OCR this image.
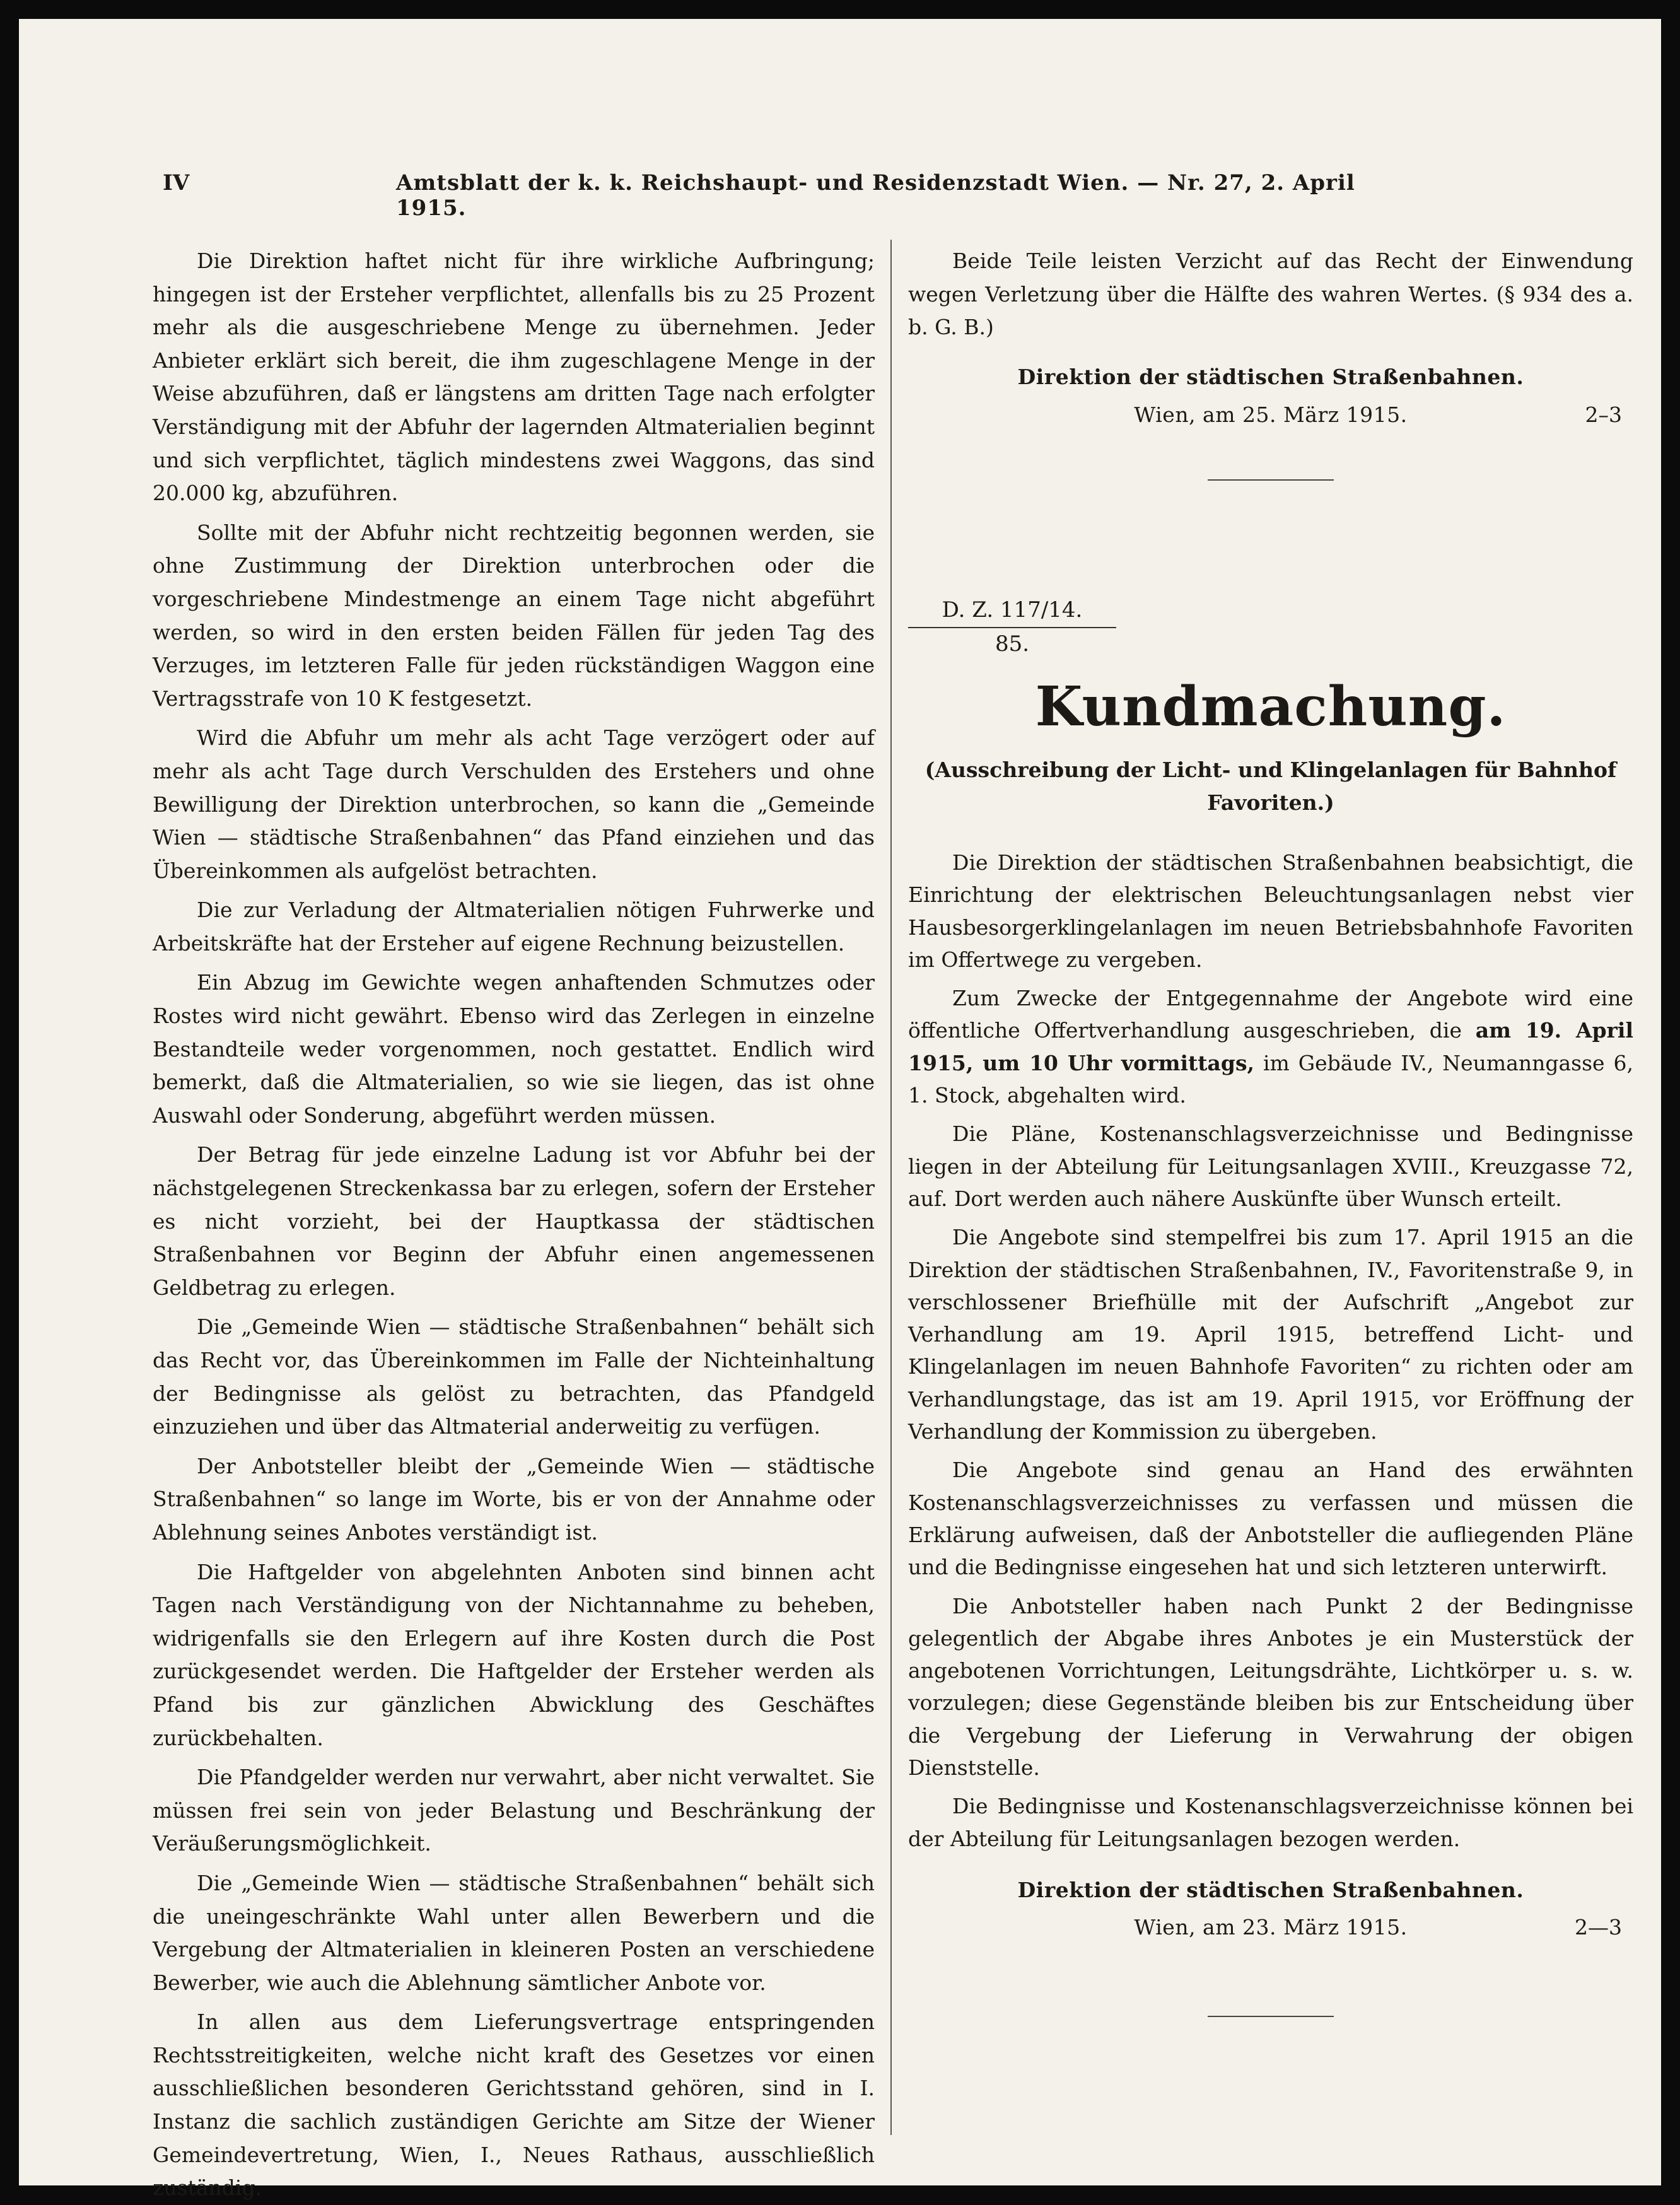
IV	Amtsblatt der k. k. Reichshaupt- und Residenzstadt Wien. — Nr. 27, 2. April 1915.

Die Direktion haftet nicht für ihre wirkliche Aufbringung; hingegen ist der Ersteher verpflichtet, allenfalls bis zu 25 Prozent mehr als die ausgeschriebene Menge zu übernehmen. Jeder Anbieter erklärt sich bereit, die ihm zugeschlagene Menge in der Weise abzuführen, daß er längstens am dritten Tage nach erfolgter Verständigung mit der Abfuhr der lagernden Altmaterialien beginnt und sich verpflichtet, täglich mindestens zwei Waggons, das sind 20.000 kg, abzuführen.

Sollte mit der Abfuhr nicht rechtzeitig begonnen werden, sie ohne Zustimmung der Direktion unterbrochen oder die vorgeschriebene Mindestmenge an einem Tage nicht abgeführt werden, so wird in den ersten beiden Fällen für jeden Tag des Verzuges, im letzteren Falle für jeden rückständigen Waggon eine Vertragsstrafe von 10 K festgesetzt.

Wird die Abfuhr um mehr als acht Tage verzögert oder auf mehr als acht Tage durch Verschulden des Erstehers und ohne Bewilligung der Direktion unterbrochen, so kann die „Gemeinde Wien — städtische Straßenbahnen“ das Pfand einziehen und das Übereinkommen als aufgelöst betrachten.

Die zur Verladung der Altmaterialien nötigen Fuhrwerke und Arbeitskräfte hat der Ersteher auf eigene Rechnung beizustellen.

Ein Abzug im Gewichte wegen anhaftenden Schmutzes oder Rostes wird nicht gewährt. Ebenso wird das Zerlegen in einzelne Bestandteile weder vorgenommen, noch gestattet. Endlich wird bemerkt, daß die Altmaterialien, so wie sie liegen, das ist ohne Auswahl oder Sonderung, abgeführt werden müssen.

Der Betrag für jede einzelne Ladung ist vor Abfuhr bei der nächstgelegenen Streckenkassa bar zu erlegen, sofern der Ersteher es nicht vorzieht, bei der Hauptkassa der städtischen Straßenbahnen vor Beginn der Abfuhr einen angemessenen Geldbetrag zu erlegen.

Die „Gemeinde Wien — städtische Straßenbahnen“ behält sich das Recht vor, das Übereinkommen im Falle der Nichteinhaltung der Bedingnisse als gelöst zu betrachten, das Pfandgeld einzuziehen und über das Altmaterial anderweitig zu verfügen.

Der Anbotsteller bleibt der „Gemeinde Wien — städtische Straßenbahnen“ so lange im Worte, bis er von der Annahme oder Ablehnung seines Anbotes verständigt ist.

Die Haftgelder von abgelehnten Anboten sind binnen acht Tagen nach Verständigung von der Nichtannahme zu beheben, widrigenfalls sie den Erlegern auf ihre Kosten durch die Post zurückgesendet werden. Die Haftgelder der Ersteher werden als Pfand bis zur gänzlichen Abwicklung des Geschäftes zurückbehalten.

Die Pfandgelder werden nur verwahrt, aber nicht verwaltet. Sie müssen frei sein von jeder Belastung und Beschränkung der Veräußerungsmöglichkeit.

Die „Gemeinde Wien — städtische Straßenbahnen“ behält sich die uneingeschränkte Wahl unter allen Bewerbern und die Vergebung der Altmaterialien in kleineren Posten an verschiedene Bewerber, wie auch die Ablehnung sämtlicher Anbote vor.

In allen aus dem Lieferungsvertrage entspringenden Rechtsstreitigkeiten, welche nicht kraft des Gesetzes vor einen ausschließlichen besonderen Gerichtsstand gehören, sind in I. Instanz die sachlich zuständigen Gerichte am Sitze der Wiener Gemeindevertretung, Wien, I., Neues Rathaus, ausschließlich zuständig.

Beide Teile leisten Verzicht auf das Recht der Einwendung wegen Verletzung über die Hälfte des wahren Wertes. (§ 934 des a. b. G. B.)

Direktion der städtischen Straßenbahnen.

Wien, am 25. März 1915.	2–3
D. Z. 117/14.
85.
Kundmachung.
(Ausschreibung der Licht- und Klingelanlagen für Bahnhof Favoriten.)

Die Direktion der städtischen Straßenbahnen beabsichtigt, die Einrichtung der elektrischen Beleuchtungsanlagen nebst vier Hausbesorgerklingelanlagen im neuen Betriebsbahnhofe Favoriten im Offertwege zu vergeben.

Zum Zwecke der Entgegennahme der Angebote wird eine öffentliche Offertverhandlung ausgeschrieben, die am 19. April 1915, um 10 Uhr vormittags, im Gebäude IV., Neumanngasse 6, 1. Stock, abgehalten wird.

Die Pläne, Kostenanschlagsverzeichnisse und Bedingnisse liegen in der Abteilung für Leitungsanlagen XVIII., Kreuzgasse 72, auf. Dort werden auch nähere Auskünfte über Wunsch erteilt.

Die Angebote sind stempelfrei bis zum 17. April 1915 an die Direktion der städtischen Straßenbahnen, IV., Favoritenstraße 9, in verschlossener Briefhülle mit der Aufschrift „Angebot zur Verhandlung am 19. April 1915, betreffend Licht- und Klingelanlagen im neuen Bahnhofe Favoriten“ zu richten oder am Verhandlungstage, das ist am 19. April 1915, vor Eröffnung der Verhandlung der Kommission zu übergeben.

Die Angebote sind genau an Hand des erwähnten Kostenanschlagsverzeichnisses zu verfassen und müssen die Erklärung aufweisen, daß der Anbotsteller die aufliegenden Pläne und die Bedingnisse eingesehen hat und sich letzteren unterwirft.

Die Anbotsteller haben nach Punkt 2 der Bedingnisse gelegentlich der Abgabe ihres Anbotes je ein Musterstück der angebotenen Vorrichtungen, Leitungsdrähte, Lichtkörper u. s. w. vorzulegen; diese Gegenstände bleiben bis zur Entscheidung über die Vergebung der Lieferung in Verwahrung der obigen Dienststelle.

Die Bedingnisse und Kostenanschlagsverzeichnisse können bei der Abteilung für Leitungsanlagen bezogen werden.

Direktion der städtischen Straßenbahnen.

Wien, am 23. März 1915.	2—3
